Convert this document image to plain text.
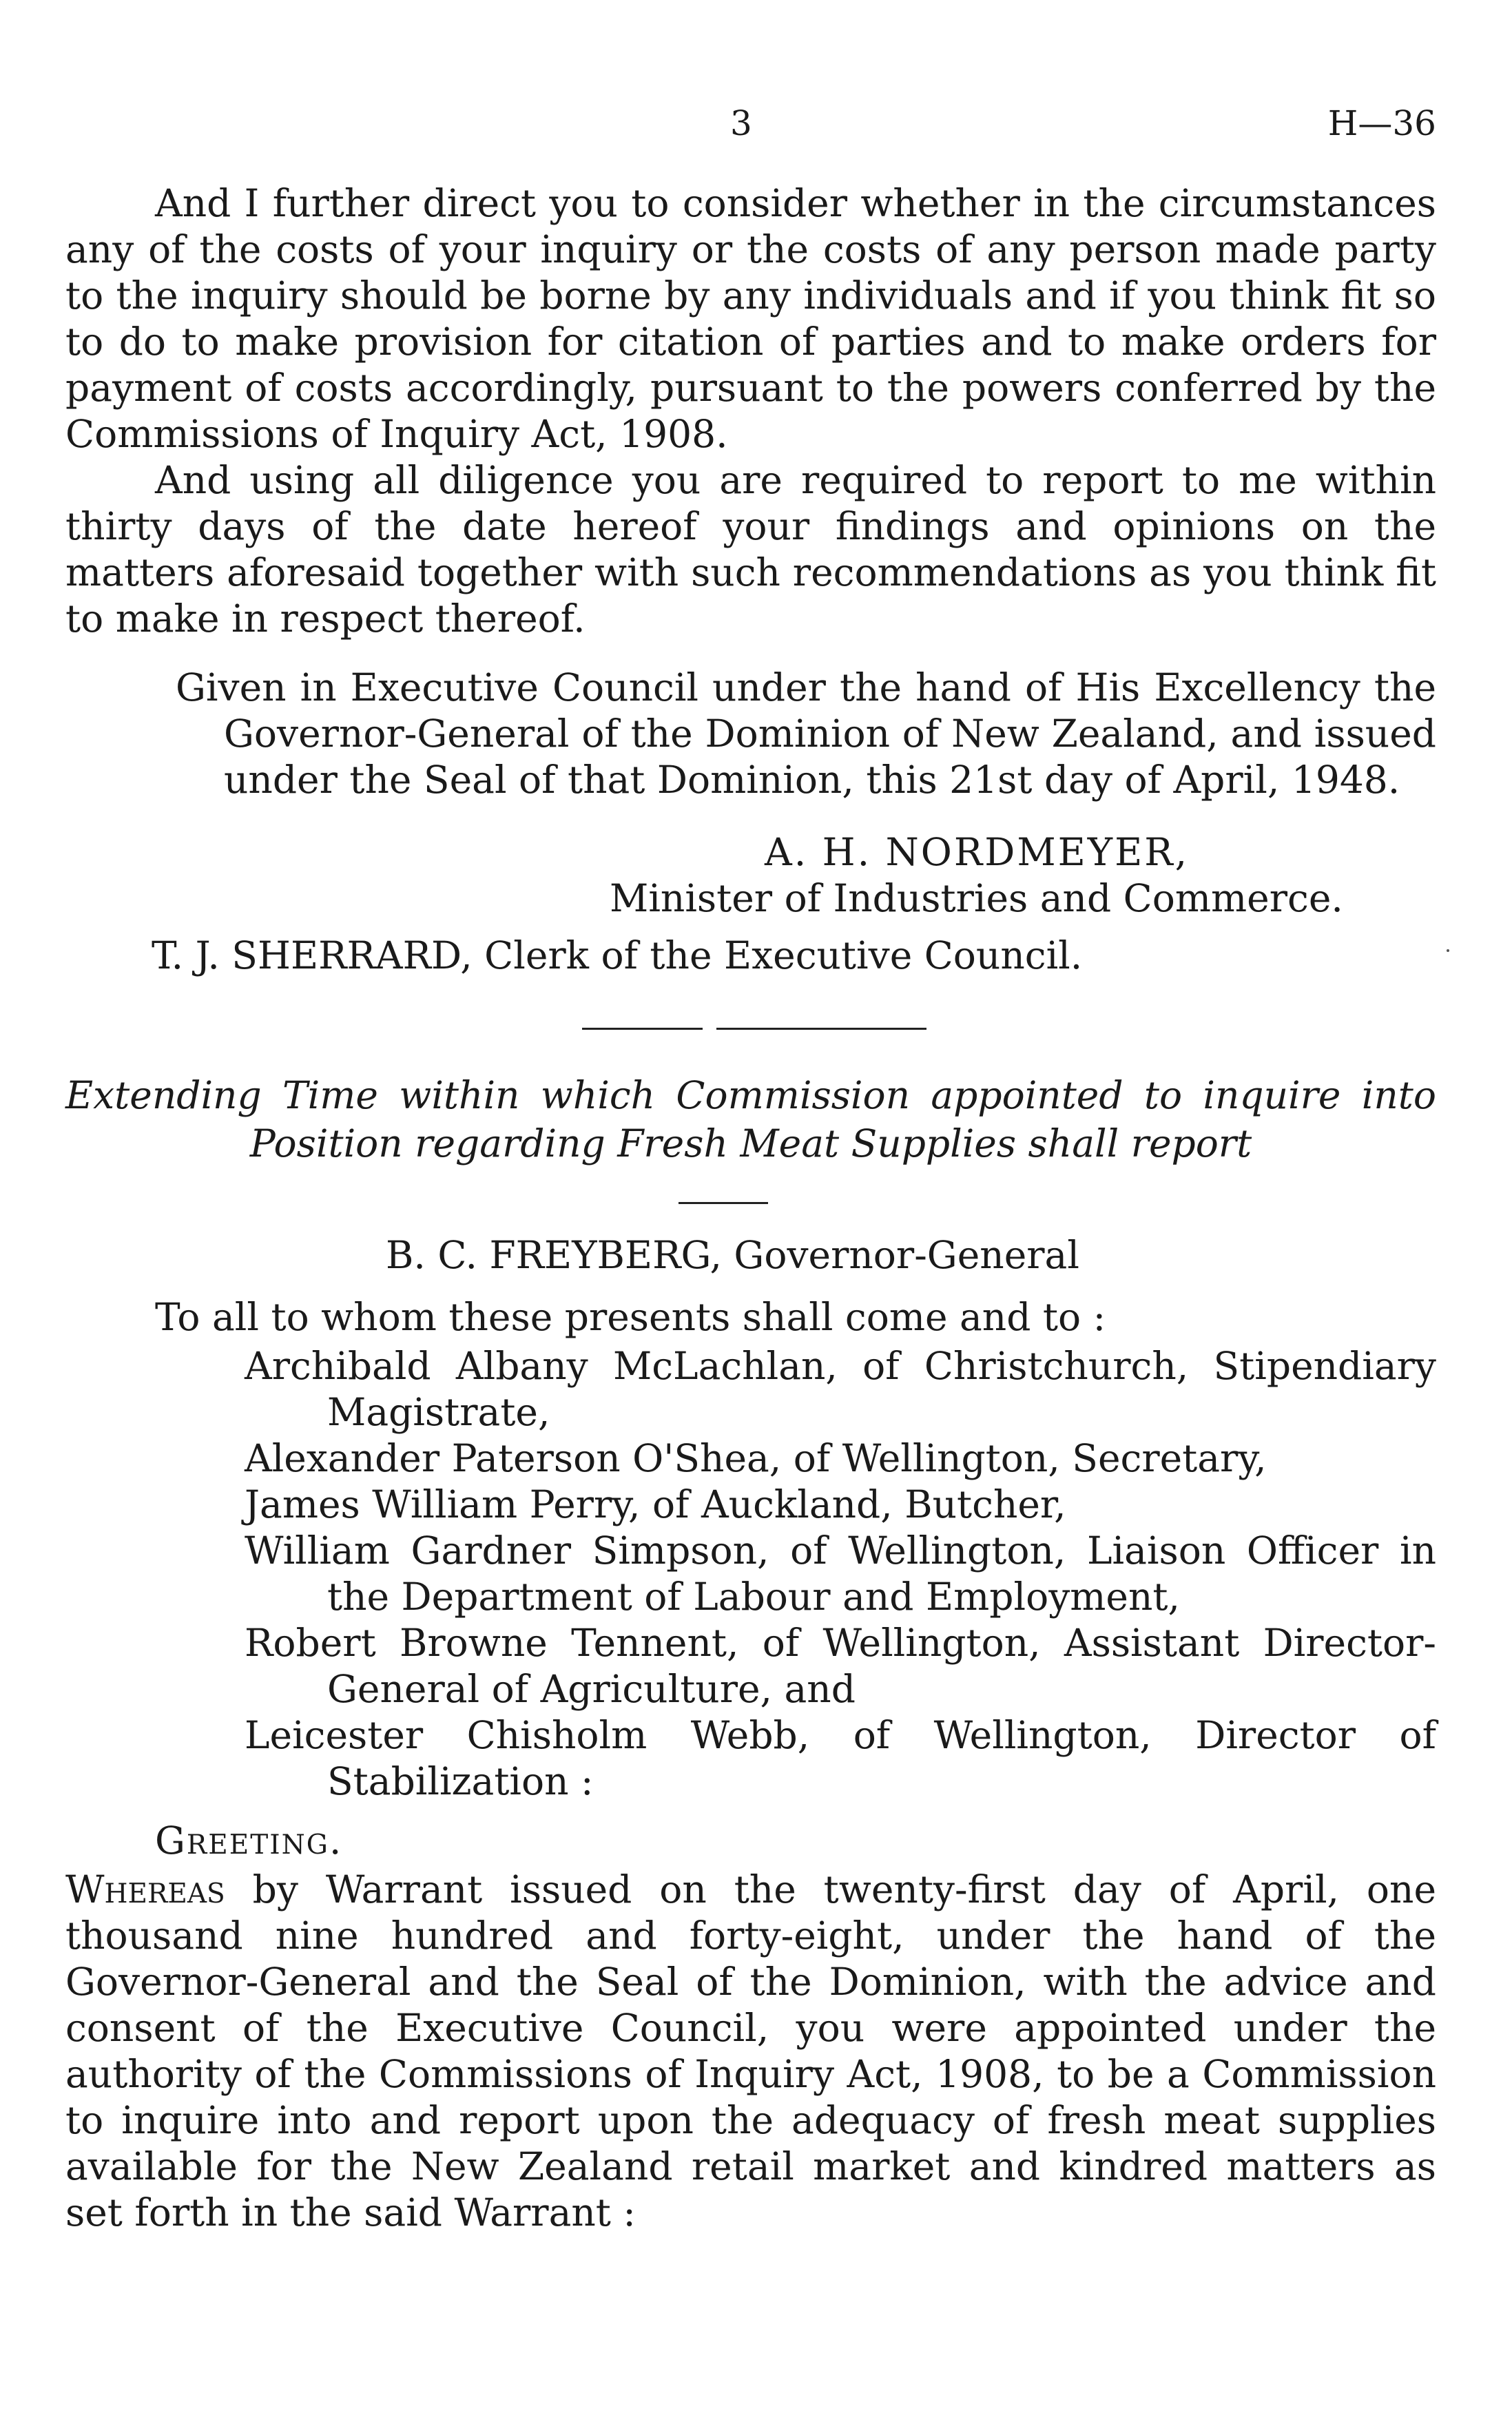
3	H—36

And I further direct you to consider whether in the circumstances any of the costs of your inquiry or the costs of any person made party to the inquiry should be borne by any individuals and if you think fit so to do to make provision for citation of parties and to make orders for payment of costs accordingly, pursuant to the powers conferred by the Commissions of Inquiry Act, 1908.

And using all diligence you are required to report to me within thirty days of the date hereof your findings and opinions on the matters aforesaid together with such recommendations as you think fit to make in respect thereof.

Given in Executive Council under the hand of His Excellency the Governor-General of the Dominion of New Zealand, and issued under the Seal of that Dominion, this 21st day of April, 1948.

A. H. NORDMEYER,
Minister of Industries and Commerce.
T. J. SHERRARD, Clerk of the Executive Council.
Extending Time within which Commission appointed to inquire into Position regarding Fresh Meat Supplies shall report
B. C. FREYBERG, Governor-General
To all to whom these presents shall come and to :
Archibald Albany McLachlan, of Christchurch, Stipendiary Magistrate,
Alexander Paterson O'Shea, of Wellington, Secretary,
James William Perry, of Auckland, Butcher,
William Gardner Simpson, of Wellington, Liaison Officer in the Department of Labour and Employment,
Robert Browne Tennent, of Wellington, Assistant Director-General of Agriculture, and
Leicester Chisholm Webb, of Wellington, Director of Stabilization :
Greeting.

Whereas by Warrant issued on the twenty-first day of April, one thousand nine hundred and forty-eight, under the hand of the Governor-General and the Seal of the Dominion, with the advice and consent of the Executive Council, you were appointed under the authority of the Commissions of Inquiry Act, 1908, to be a Commission to inquire into and report upon the adequacy of fresh meat supplies available for the New Zealand retail market and kindred matters as set forth in the said Warrant :
